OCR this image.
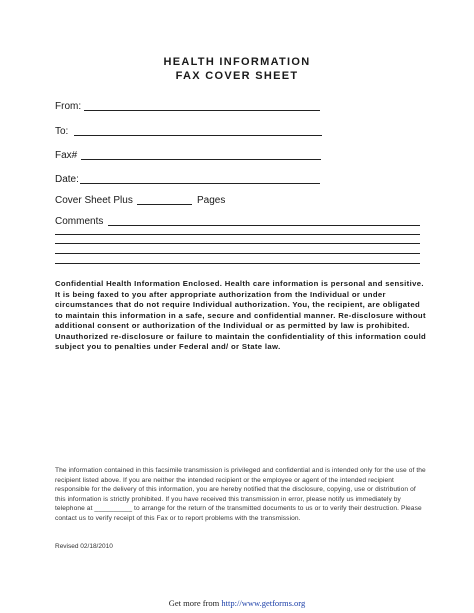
HEALTH INFORMATION
FAX COVER SHEET
From:
To:
Fax#
Date:
Cover Sheet Plus	Pages
Comments
Confidential Health Information Enclosed. Health care information is personal and sensitive. It is being faxed to you after appropriate authorization from the Individual or under circumstances that do not require Individual authorization. You, the recipient, are obligated to maintain this information in a safe, secure and confidential manner. Re-disclosure without additional consent or authorization of the Individual or as permitted by law is prohibited. Unauthorized re-disclosure or failure to maintain the confidentiality of this information could subject you to penalties under Federal and/ or State law.
The information contained in this facsimile transmission is privileged and confidential and is intended only for the use of the recipient listed above. If you are neither the intended recipient or the employee or agent of the intended recipient responsible for the delivery of this information, you are hereby notified that the disclosure, copying, use or distribution of this information is strictly prohibited. If you have received this transmission in error, please notify us immediately by telephone at __________ to arrange for the return of the transmitted documents to us or to verify their destruction. Please contact us to verify receipt of this Fax or to report problems with the transmission.
Revised 02/18/2010
Get more from http://www.getforms.org
